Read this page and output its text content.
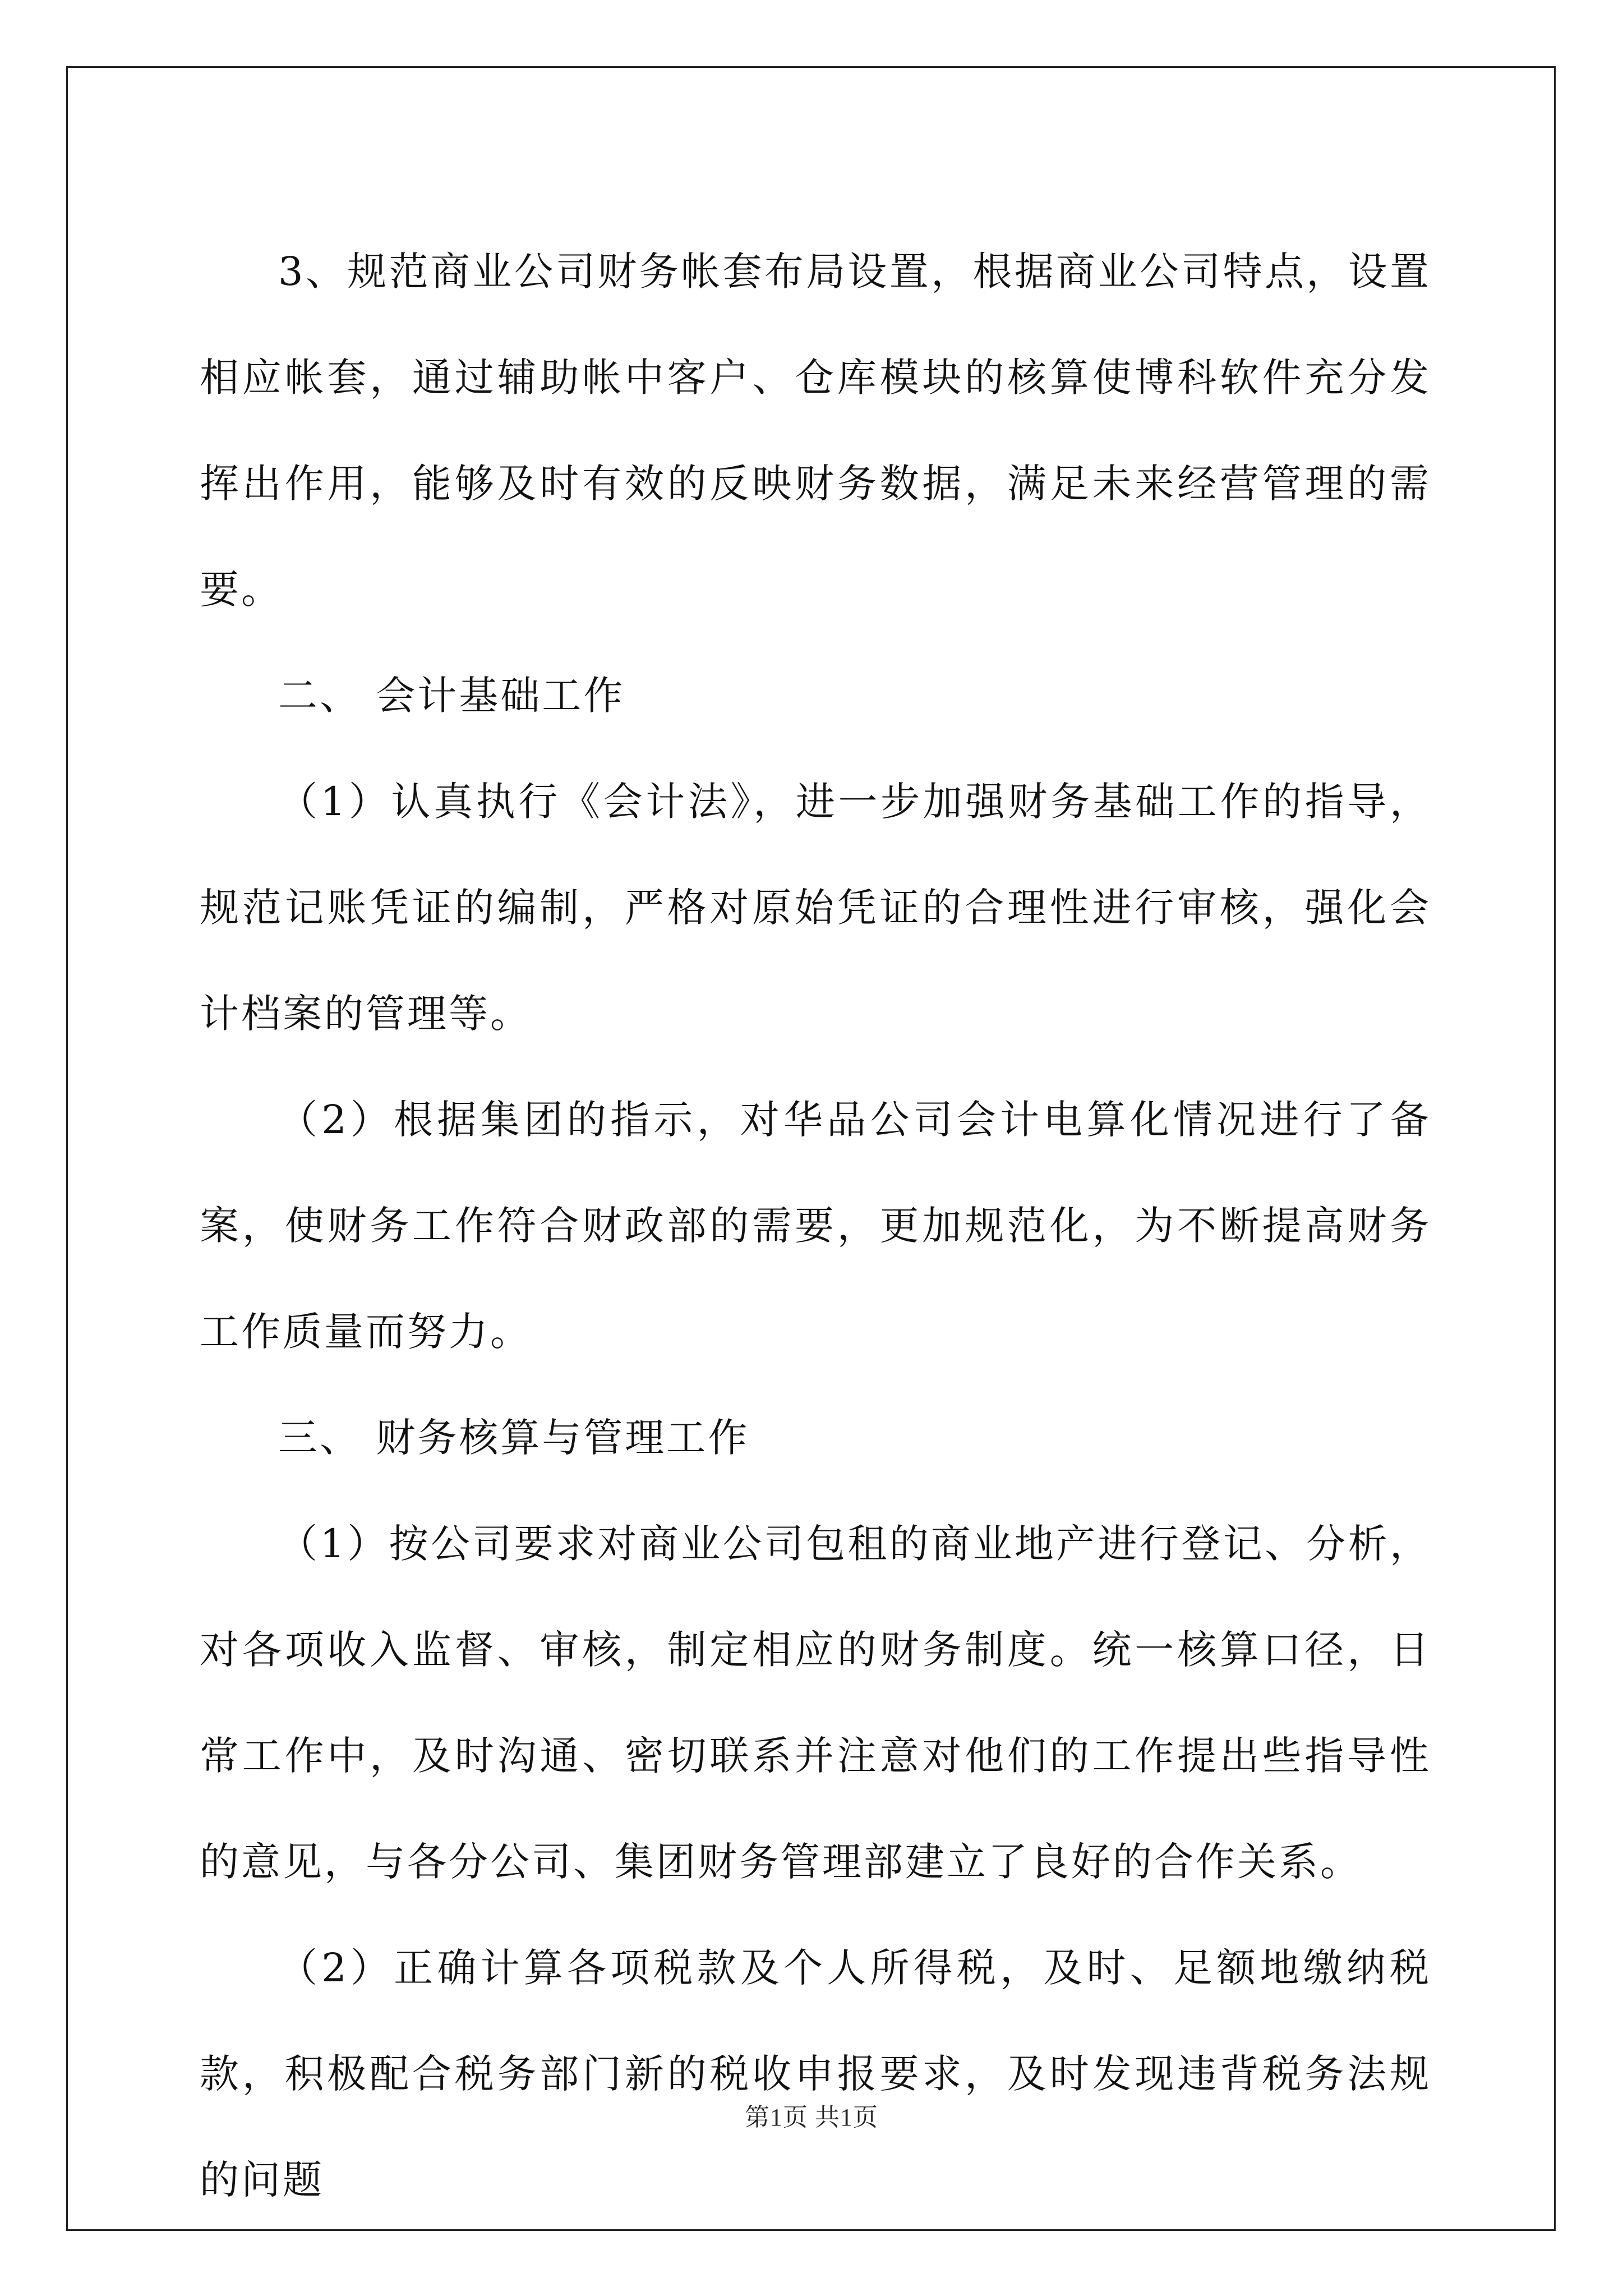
3、规范商业公司财务帐套布局设置，根据商业公司特点，设置相应帐套，通过辅助帐中客户、仓库模块的核算使博科软件充分发挥出作用，能够及时有效的反映财务数据，满足未来经营管理的需要。

二、 会计基础工作

（1）认真执行《会计法》，进一步加强财务基础工作的指导，规范记账凭证的编制，严格对原始凭证的合理性进行审核，强化会计档案的管理等。

（2）根据集团的指示，对华品公司会计电算化情况进行了备案，使财务工作符合财政部的需要，更加规范化，为不断提高财务工作质量而努力。

三、 财务核算与管理工作

（1）按公司要求对商业公司包租的商业地产进行登记、分析，对各项收入监督、审核，制定相应的财务制度。统一核算口径，日常工作中，及时沟通、密切联系并注意对他们的工作提出些指导性的意见，与各分公司、集团财务管理部建立了良好的合作关系。

（2）正确计算各项税款及个人所得税，及时、足额地缴纳税款，积极配合税务部门新的税收申报要求，及时发现违背税务法规的问题

第1页 共1页
